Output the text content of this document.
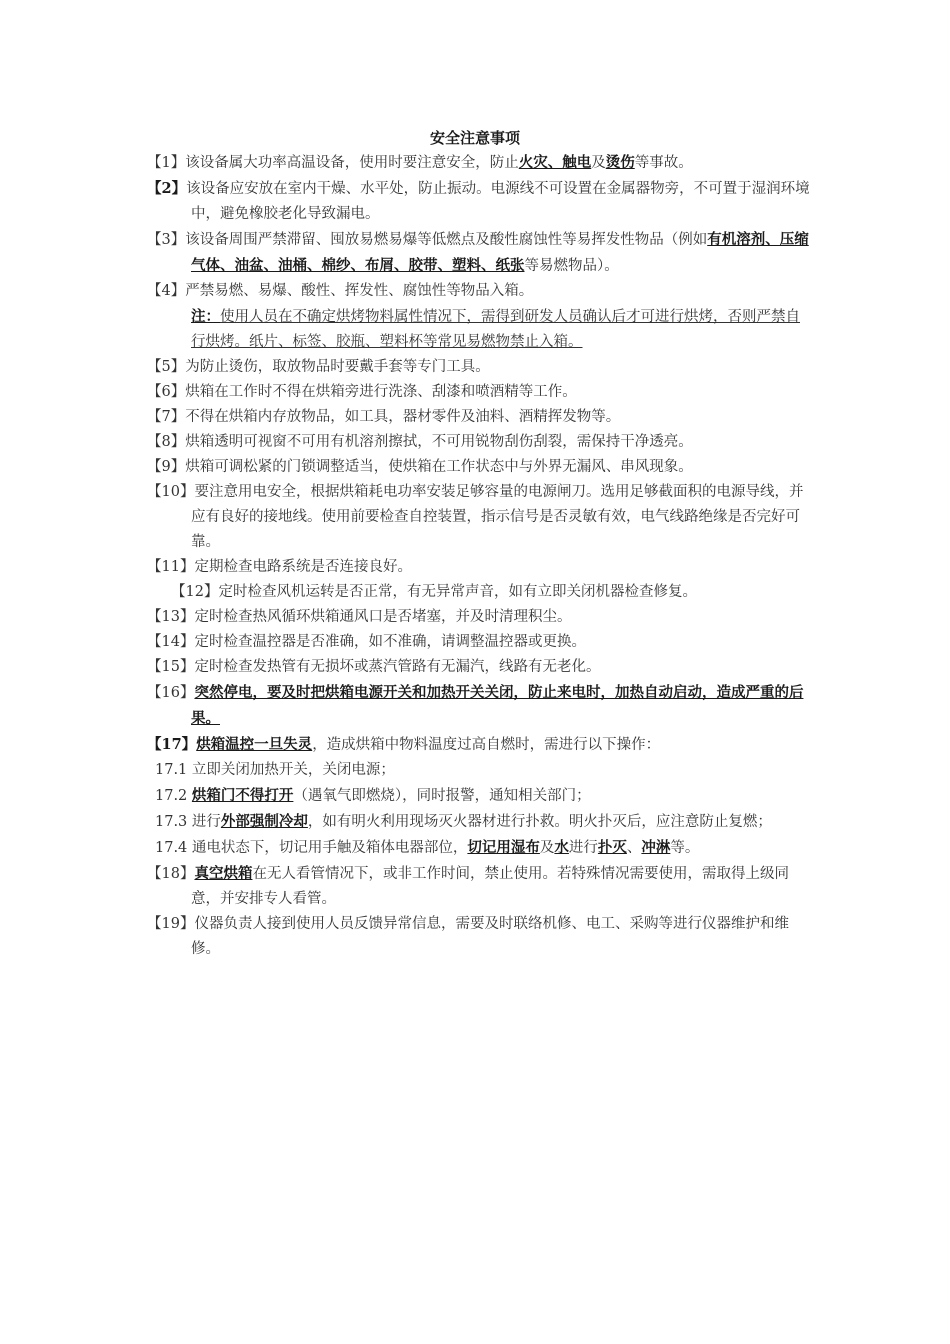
安全注意事项
【1】该设备属大功率高温设备，使用时要注意安全，防止火灾、触电及烫伤等事故。
【2】该设备应安放在室内干燥、水平处，防止振动。电源线不可设置在金属器物旁，不可置于湿润环境中，避免橡胶老化导致漏电。
【3】该设备周围严禁滞留、囤放易燃易爆等低燃点及酸性腐蚀性等易挥发性物品（例如有机溶剂、压缩气体、油盆、油桶、棉纱、布屑、胶带、塑料、纸张等易燃物品）。
【4】严禁易燃、易爆、酸性、挥发性、腐蚀性等物品入箱。
注：使用人员在不确定烘烤物料属性情况下，需得到研发人员确认后才可进行烘烤，否则严禁自行烘烤。纸片、标签、胶瓶、塑料杯等常见易燃物禁止入箱。
【5】为防止烫伤，取放物品时要戴手套等专门工具。
【6】烘箱在工作时不得在烘箱旁进行洗涤、刮漆和喷酒精等工作。
【7】不得在烘箱内存放物品，如工具，器材零件及油料、酒精挥发物等。
【8】烘箱透明可视窗不可用有机溶剂擦拭，不可用锐物刮伤刮裂，需保持干净透亮。
【9】烘箱可调松紧的门锁调整适当，使烘箱在工作状态中与外界无漏风、串风现象。
【10】要注意用电安全，根据烘箱耗电功率安装足够容量的电源闸刀。选用足够截面积的电源导线，并应有良好的接地线。使用前要检查自控装置，指示信号是否灵敏有效，电气线路绝缘是否完好可靠。
【11】定期检查电路系统是否连接良好。
【12】定时检查风机运转是否正常，有无异常声音，如有立即关闭机器检查修复。
【13】定时检查热风循环烘箱通风口是否堵塞，并及时清理积尘。
【14】定时检查温控器是否准确，如不准确，请调整温控器或更换。
【15】定时检查发热管有无损坏或蒸汽管路有无漏汽，线路有无老化。
【16】突然停电，要及时把烘箱电源开关和加热开关关闭，防止来电时，加热自动启动，造成严重的后果。
【17】烘箱温控一旦失灵，造成烘箱中物料温度过高自燃时，需进行以下操作：
17.1 立即关闭加热开关，关闭电源；
17.2 烘箱门不得打开（遇氧气即燃烧），同时报警，通知相关部门；
17.3 进行外部强制冷却，如有明火利用现场灭火器材进行扑救。明火扑灭后，应注意防止复燃；
17.4 通电状态下，切记用手触及箱体电器部位，切记用湿布及水进行扑灭、冲淋等。
【18】真空烘箱在无人看管情况下，或非工作时间，禁止使用。若特殊情况需要使用，需取得上级同意，并安排专人看管。
【19】仪器负责人接到使用人员反馈异常信息，需要及时联络机修、电工、采购等进行仪器维护和维修。
